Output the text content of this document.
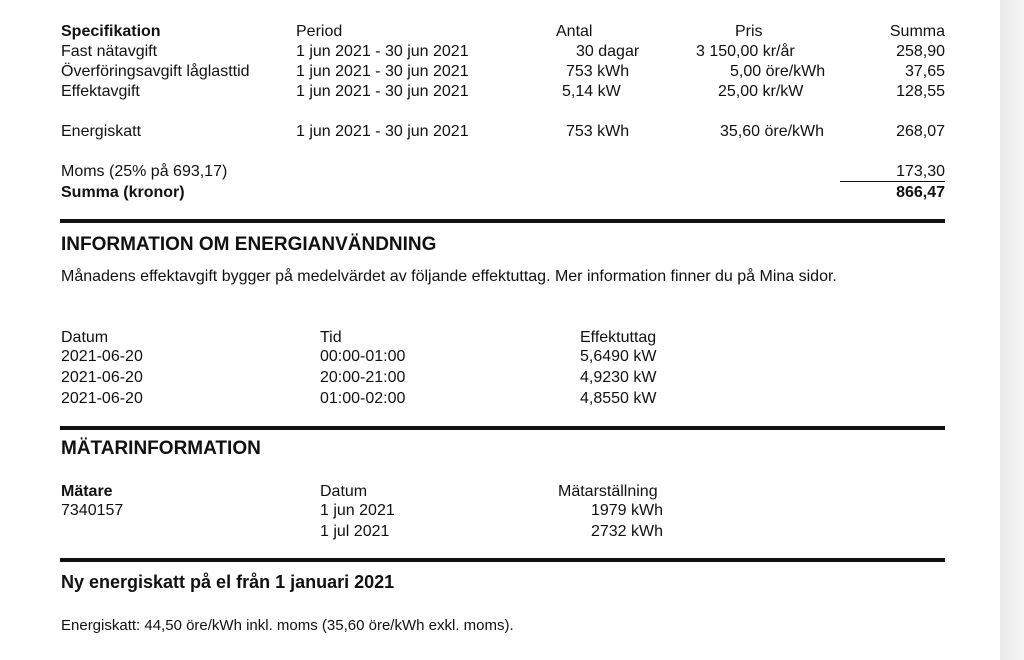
Specifikation	Period	Antal	Pris	Summa
Fast nätavgift	1 jun 2021 - 30 jun 2021	30 dagar	3 150,00 kr/år	258,90
Överföringsavgift låglasttid	1 jun 2021 - 30 jun 2021	753 kWh	5,00 öre/kWh	37,65
Effektavgift	1 jun 2021 - 30 jun 2021	5,14 kW	25,00 kr/kW	128,55
Energiskatt	1 jun 2021 - 30 jun 2021	753 kWh	35,60 öre/kWh	268,07
Moms (25% på 693,17)	173,30
Summa (kronor)	866,47
INFORMATION OM ENERGIANVÄNDNING
Månadens effektavgift bygger på medelvärdet av följande effektuttag. Mer information finner du på Mina sidor.
Datum	Tid	Effektuttag
2021-06-20	00:00-01:00	5,6490 kW
2021-06-20	20:00-21:00	4,9230 kW
2021-06-20	01:00-02:00	4,8550 kW
MÄTARINFORMATION
Mätare	Datum	Mätarställning
7340157	1 jun 2021	1979 kWh
1 jul 2021	2732 kWh
Ny energiskatt på el från 1 januari 2021
Energiskatt: 44,50 öre/kWh inkl. moms (35,60 öre/kWh exkl. moms).
